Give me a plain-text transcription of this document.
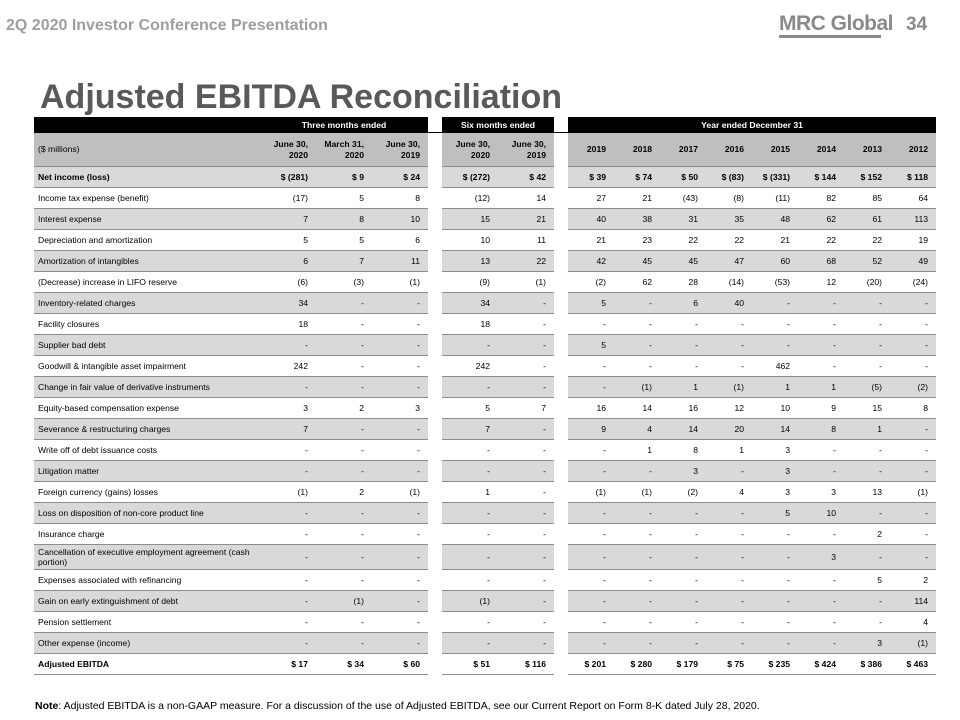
2Q 2020 Investor Conference Presentation	MRC Global 34
Adjusted EBITDA Reconciliation
	Three months ended				Six months ended			Year ended December 31							
($ millions)	June 30, 2020	March 31, 2020	June 30, 2019		June 30, 2020	June 30, 2019		2019	2018	2017	2016	2015	2014	2013	2012
Net income (loss)	$ (281)	$ 9	$ 24		$ (272)	$ 42		$ 39	$ 74	$ 50	$ (83)	$ (331)	$ 144	$ 152	$ 118
Income tax expense (benefit)	(17)	5	8		(12)	14		27	21	(43)	(8)	(11)	82	85	64
Interest expense	7	8	10		15	21		40	38	31	35	48	62	61	113
Depreciation and amortization	5	5	6		10	11		21	23	22	22	21	22	22	19
Amortization of intangibles	6	7	11		13	22		42	45	45	47	60	68	52	49
(Decrease) increase in LIFO reserve	(6)	(3)	(1)		(9)	(1)		(2)	62	28	(14)	(53)	12	(20)	(24)
Inventory-related charges	34	-	-		34	-		5	-	6	40	-	-	-	-
Facility closures	18	-	-		18	-		-	-	-	-	-	-	-	-
Supplier bad debt	-	-	-		-	-		5	-	-	-	-	-	-	-
Goodwill & intangible asset impairment	242	-	-		242	-		-	-	-	-	462	-	-	-
Change in fair value of derivative instruments	-	-	-		-	-		-	(1)	1	(1)	1	1	(5)	(2)
Equity-based compensation expense	3	2	3		5	7		16	14	16	12	10	9	15	8
Severance & restructuring charges	7	-	-		7	-		9	4	14	20	14	8	1	-
Write off of debt issuance costs	-	-	-		-	-		-	1	8	1	3	-	-	-
Litigation matter	-	-	-		-	-		-	-	3	-	3	-	-	-
Foreign currency (gains) losses	(1)	2	(1)		1	-		(1)	(1)	(2)	4	3	3	13	(1)
Loss on disposition of non-core product line	-	-	-		-	-		-	-	-	-	5	10	-	-
Insurance charge	-	-	-		-	-		-	-	-	-	-	-	2	-
Cancellation of executive employment agreement (cash portion)	-	-	-		-	-		-	-	-	-	-	3	-	-
Expenses associated with refinancing	-	-	-		-	-		-	-	-	-	-	-	5	2
Gain on early extinguishment of debt	-	(1)	-		(1)	-		-	-	-	-	-	-	-	114
Pension settlement	-	-	-		-	-		-	-	-	-	-	-	-	4
Other expense (income)	-	-	-		-	-		-	-	-	-	-	-	3	(1)
Adjusted EBITDA	$ 17	$ 34	$ 60		$ 51	$ 116		$ 201	$ 280	$ 179	$ 75	$ 235	$ 424	$ 386	$ 463
Note: Adjusted EBITDA is a non-GAAP measure. For a discussion of the use of Adjusted EBITDA, see our Current Report on Form 8-K dated July 28, 2020.
